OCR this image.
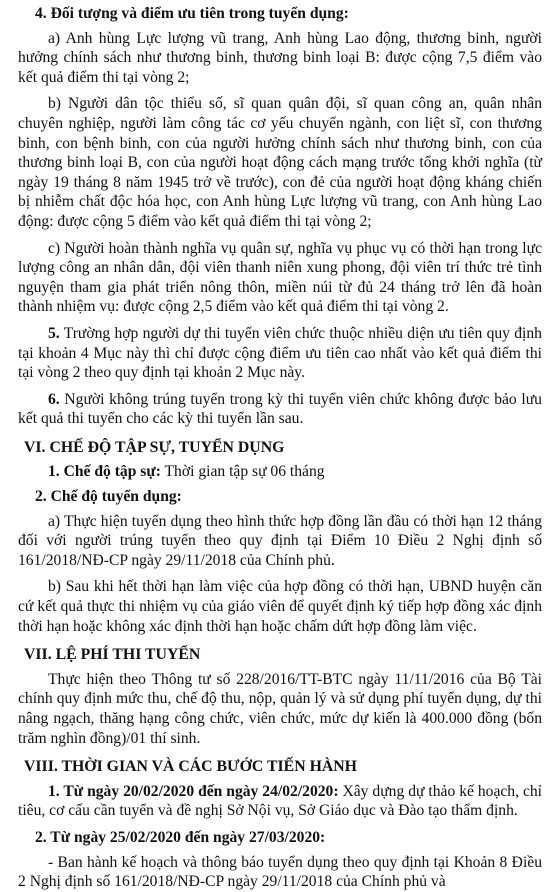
4. Đối tượng và điểm ưu tiên trong tuyển dụng:

a) Anh hùng Lực lượng vũ trang, Anh hùng Lao động, thương binh, người hưởng chính sách như thương binh, thương binh loại B: được cộng 7,5 điểm vào kết quả điểm thi tại vòng 2;

b) Người dân tộc thiểu số, sĩ quan quân đội, sĩ quan công an, quân nhân chuyên nghiệp, người làm công tác cơ yếu chuyển ngành, con liệt sĩ, con thương binh, con bệnh binh, con của người hưởng chính sách như thương binh, con của thương binh loại B, con của người hoạt động cách mạng trước tổng khởi nghĩa (từ ngày 19 tháng 8 năm 1945 trở về trước), con đẻ của người hoạt động kháng chiến bị nhiễm chất độc hóa học, con Anh hùng Lực lượng vũ trang, con Anh hùng Lao động: được cộng 5 điểm vào kết quả điểm thi tại vòng 2;

c) Người hoàn thành nghĩa vụ quân sự, nghĩa vụ phục vụ có thời hạn trong lực lượng công an nhân dân, đội viên thanh niên xung phong, đội viên trí thức trẻ tình nguyện tham gia phát triển nông thôn, miền núi từ đủ 24 tháng trở lên đã hoàn thành nhiệm vụ: được cộng 2,5 điểm vào kết quả điểm thi tại vòng 2.

5. Trường hợp người dự thi tuyển viên chức thuộc nhiều diện ưu tiên quy định tại khoản 4 Mục này thì chỉ được cộng điểm ưu tiên cao nhất vào kết quả điểm thi tại vòng 2 theo quy định tại khoản 2 Mục này.

6. Người không trúng tuyển trong kỳ thi tuyển viên chức không được bảo lưu kết quả thi tuyển cho các kỳ thi tuyển lần sau.

VI. CHẾ ĐỘ TẬP SỰ, TUYỂN DỤNG

1. Chế độ tập sự: Thời gian tập sự 06 tháng

2. Chế độ tuyển dụng:

a) Thực hiện tuyển dụng theo hình thức hợp đồng lần đầu có thời hạn 12 tháng đối với người trúng tuyển theo quy định tại Điểm 10 Điều 2 Nghị định số 161/2018/NĐ-CP ngày 29/11/2018 của Chính phủ.

b) Sau khi hết thời hạn làm việc của hợp đồng có thời hạn, UBND huyện căn cứ kết quả thực thi nhiệm vụ của giáo viên để quyết định ký tiếp hợp đồng xác định thời hạn hoặc không xác định thời hạn hoặc chấm dứt hợp đồng làm việc.

VII. LỆ PHÍ THI TUYỂN

Thực hiện theo Thông tư số 228/2016/TT-BTC ngày 11/11/2016 của Bộ Tài chính quy định mức thu, chế độ thu, nộp, quản lý và sử dụng phí tuyển dụng, dự thi nâng ngạch, thăng hạng công chức, viên chức, mức dự kiến là 400.000 đồng (bốn trăm nghìn đồng)/01 thí sinh.

VIII. THỜI GIAN VÀ CÁC BƯỚC TIẾN HÀNH

1. Từ ngày 20/02/2020 đến ngày 24/02/2020: Xây dựng dự thảo kế hoạch, chỉ tiêu, cơ cấu cần tuyển và đề nghị Sở Nội vụ, Sở Giáo dục và Đào tạo thẩm định.

2. Từ ngày 25/02/2020 đến ngày 27/03/2020:

- Ban hành kế hoạch và thông báo tuyển dụng theo quy định tại Khoản 8 Điều 2 Nghị định số 161/2018/NĐ-CP ngày 29/11/2018 của Chính phủ và
